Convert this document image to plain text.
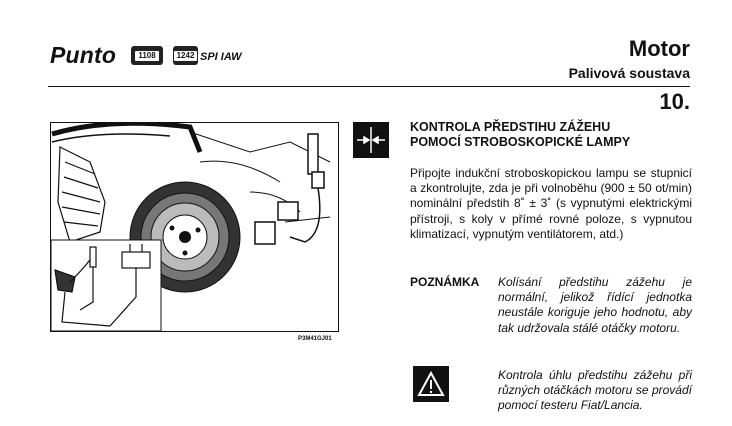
Punto	1108	1242 SPI IAW	Motor
Palivová soustava
10.
P3M41GJ01
KONTROLA PŘEDSTIHU ZÁŽEHU
POMOCÍ STROBOSKOPICKÉ LAMPY
Připojte indukční stroboskopickou lampu se stupnicí a zkontrolujte, zda je při volnoběhu (900 ± 50 ot/min) nominální předstih 8˚ ± 3˚ (s vypnutými elektrickými přístroji, s koly v přímé rovné poloze, s vypnutou klimatizací, vypnutým ventilátorem, atd.)
POZNÁMKA Kolísání předstihu zážehu je normální, jelikož řídící jednotka neustále koriguje jeho hodnotu, aby tak udržovala stálé otáčky motoru.
Kontrola úhlu předstihu zážehu při různých otáčkách motoru se provádí pomocí testeru Fiat/Lancia.
